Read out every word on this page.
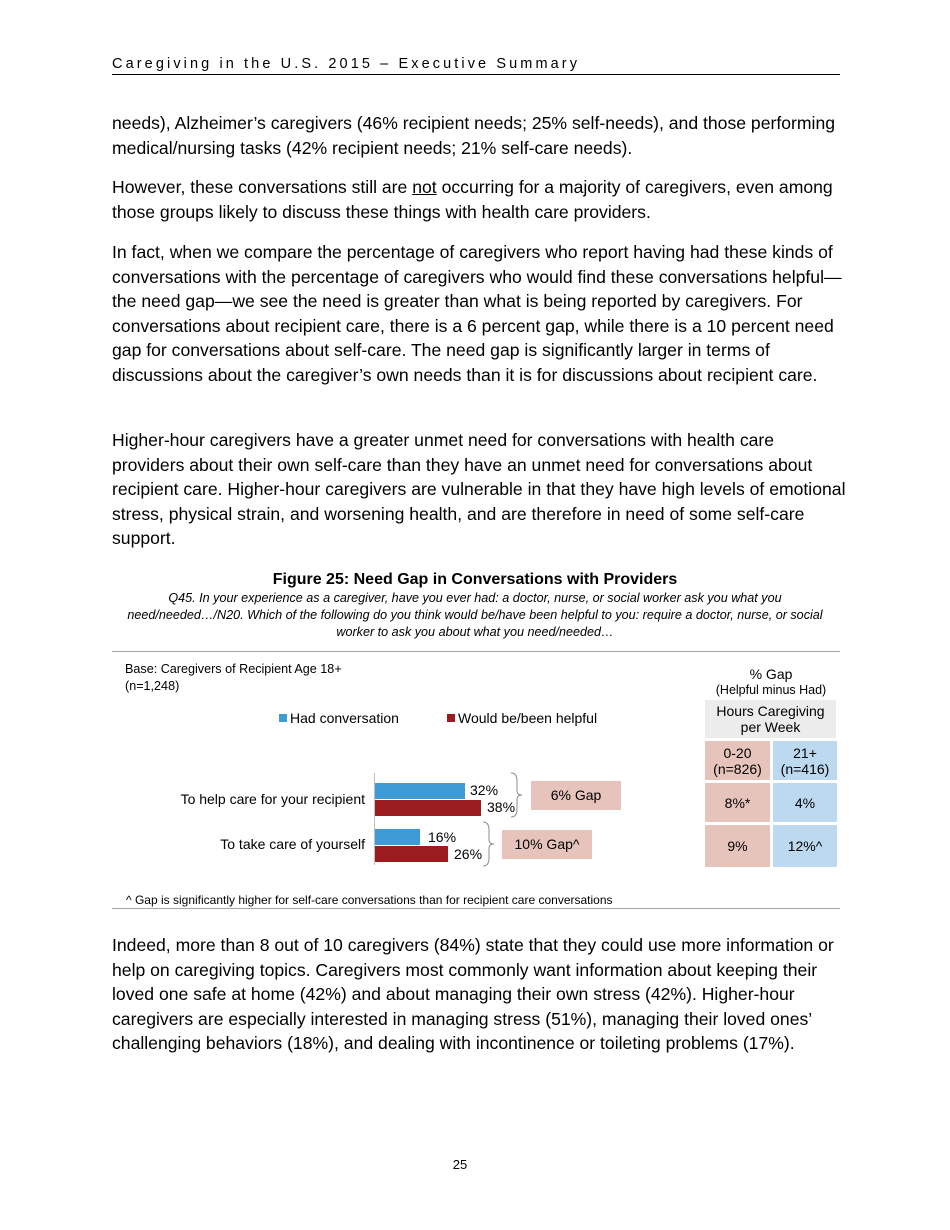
Caregiving in the U.S. 2015 – Executive Summary

needs), Alzheimer’s caregivers (46% recipient needs; 25% self-needs), and those performing medical/nursing tasks (42% recipient needs; 21% self-care needs).

However, these conversations still are not occurring for a majority of caregivers, even among those groups likely to discuss these things with health care providers.

In fact, when we compare the percentage of caregivers who report having had these kinds of conversations with the percentage of caregivers who would find these conversations helpful—the need gap—we see the need is greater than what is being reported by caregivers. For conversations about recipient care, there is a 6 percent gap, while there is a 10 percent need gap for conversations about self-care. The need gap is significantly larger in terms of discussions about the caregiver’s own needs than it is for discussions about recipient care.

Higher-hour caregivers have a greater unmet need for conversations with health care providers about their own self-care than they have an unmet need for conversations about recipient care. Higher-hour caregivers are vulnerable in that they have high levels of emotional stress, physical strain, and worsening health, and are therefore in need of some self-care support.

Figure 25: Need Gap in Conversations with Providers
Q45. In your experience as a caregiver, have you ever had: a doctor, nurse, or social worker ask you what you need/needed…/N20. Which of the following do you think would be/have been helpful to you: require a doctor, nurse, or social worker to ask you about what you need/needed…
Base: Caregivers of Recipient Age 18+ (n=1,248)
Had conversation	Would be/been helpful
To help care for your recipient
To take care of yourself
32%
38%
16%
26%
6% Gap
10% Gap^
% Gap
(Helpful minus Had)
Hours Caregiving per Week
0-20 (n=826)
21+ (n=416)
8%*	4%
9%	12%^
^ Gap is significantly higher for self-care conversations than for recipient care conversations

Indeed, more than 8 out of 10 caregivers (84%) state that they could use more information or help on caregiving topics. Caregivers most commonly want information about keeping their loved one safe at home (42%) and about managing their own stress (42%). Higher-hour caregivers are especially interested in managing stress (51%), managing their loved ones’ challenging behaviors (18%), and dealing with incontinence or toileting problems (17%).

25
